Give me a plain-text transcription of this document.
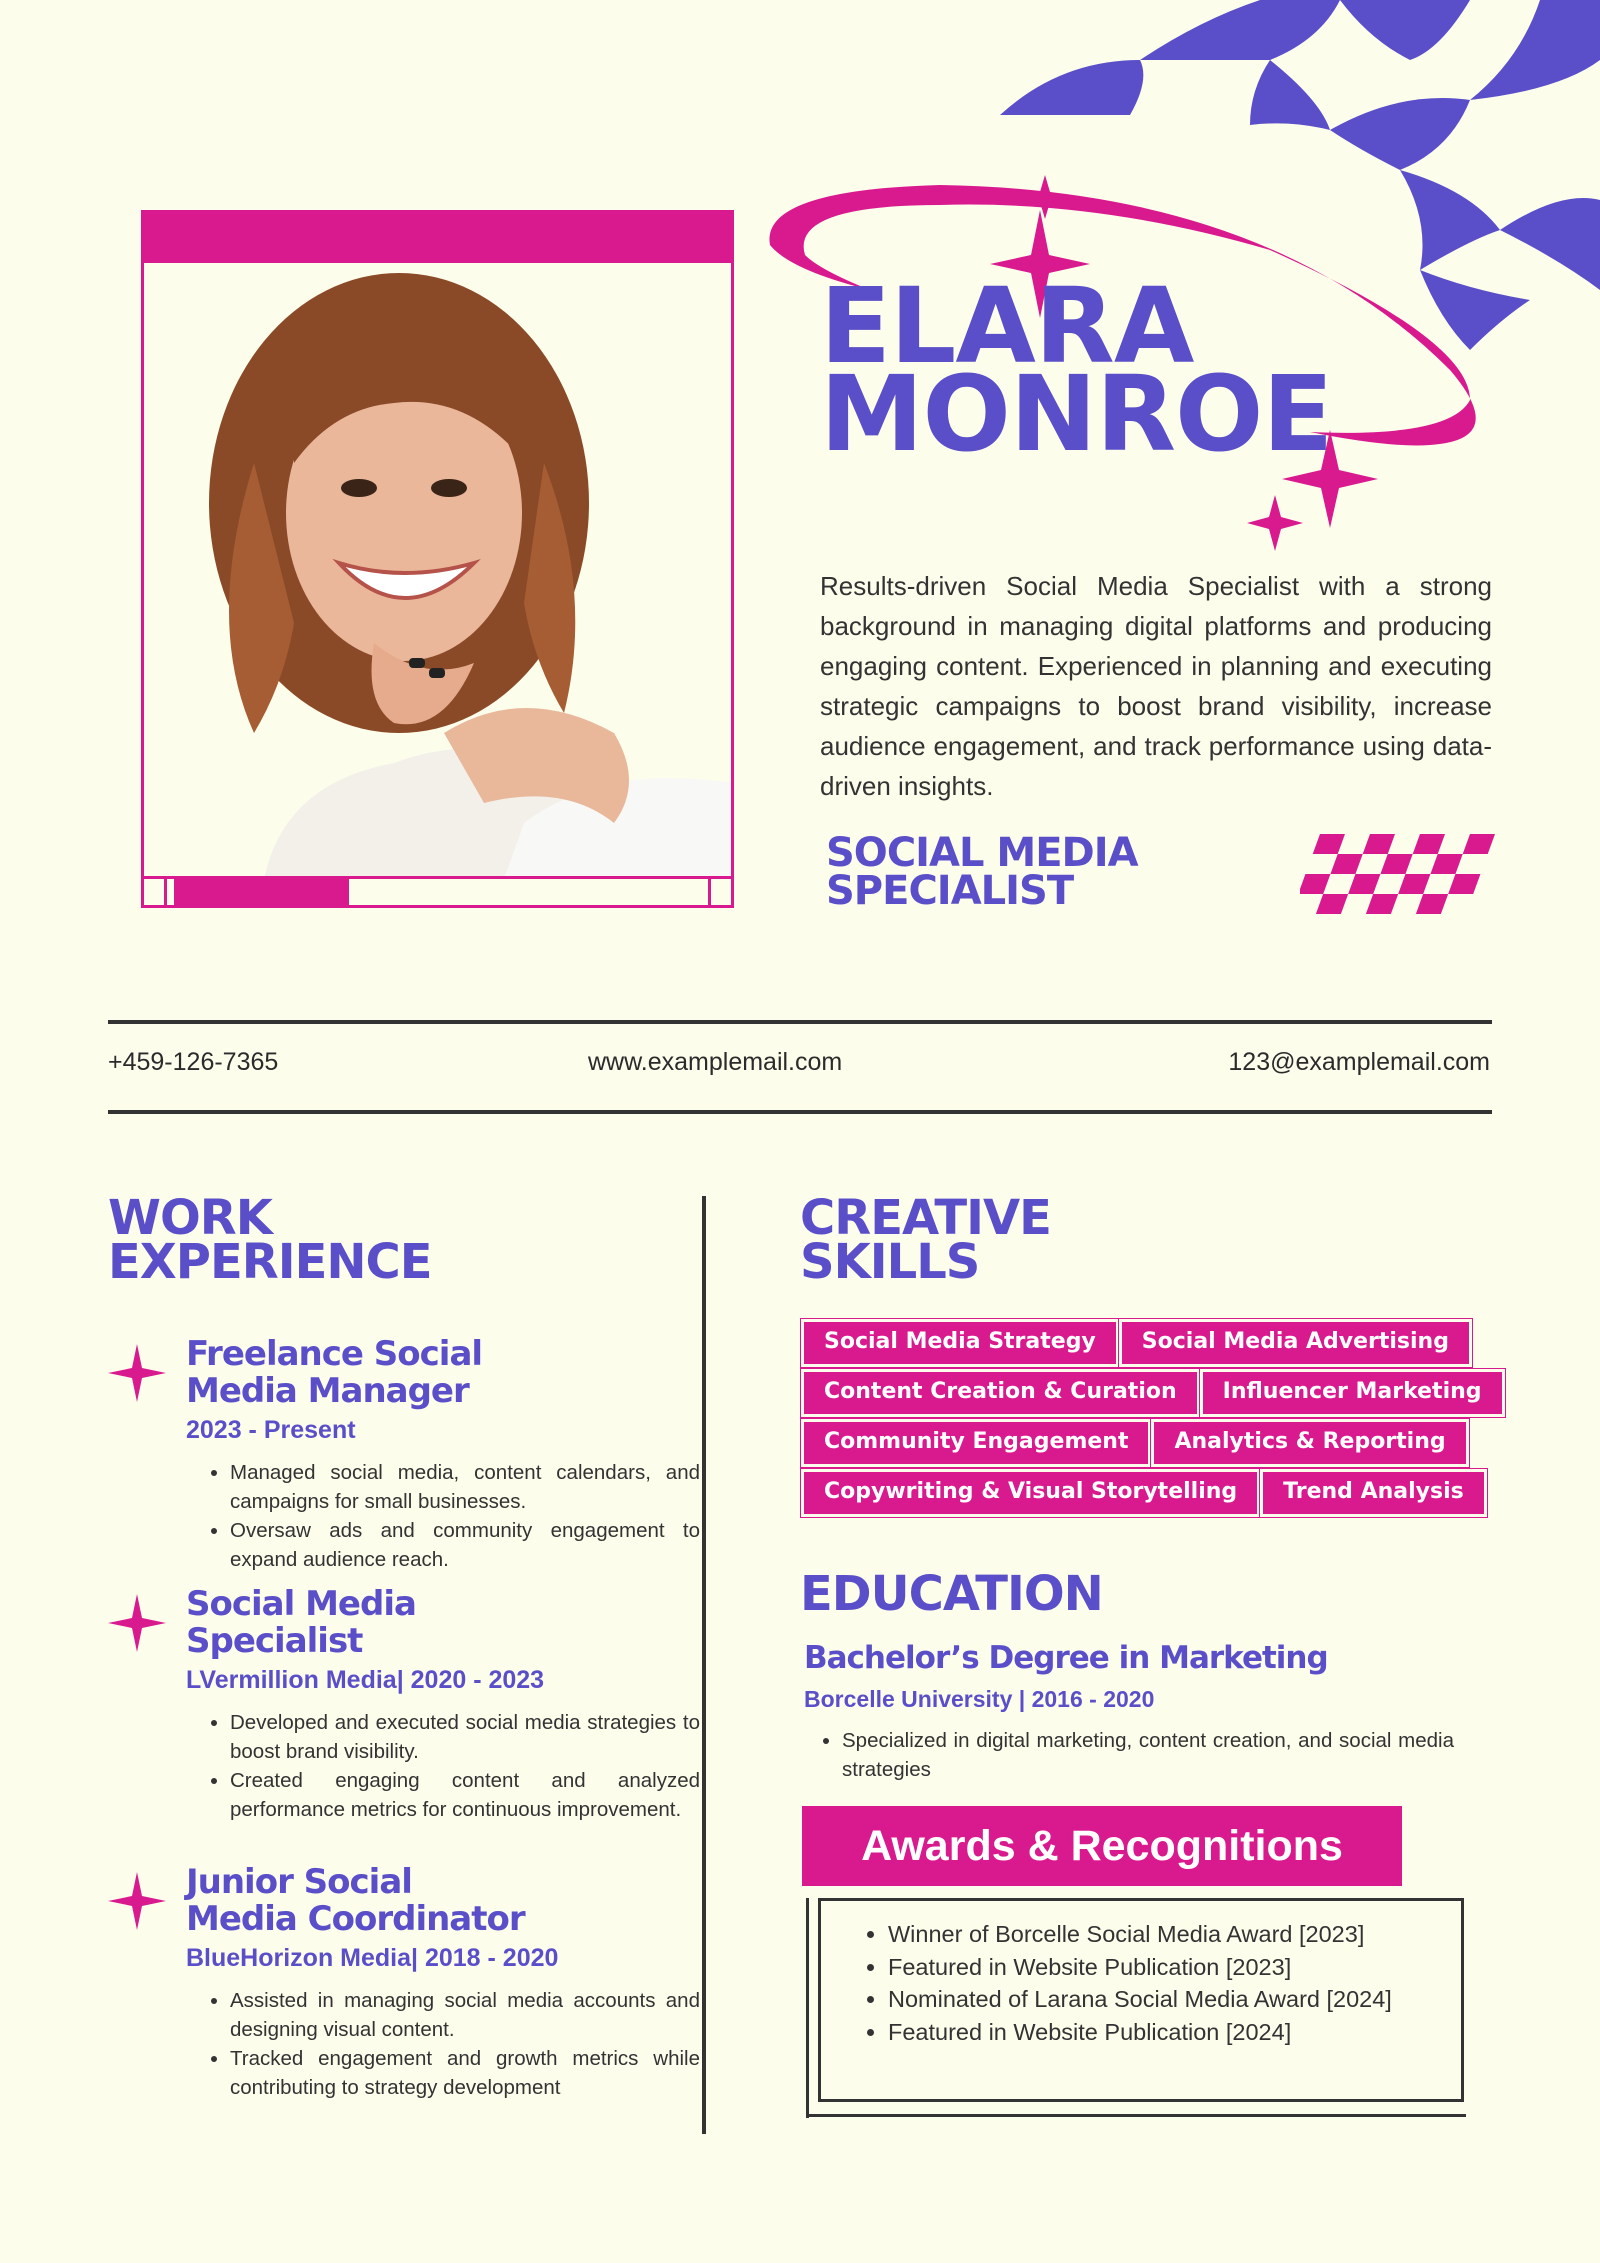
ELARA
MONROE
Results-driven Social Media Specialist with a strong background in managing digital platforms and producing engaging content. Experienced in planning and executing strategic campaigns to boost brand visibility, increase audience engagement, and track performance using data-driven insights.
SOCIAL MEDIA
SPECIALIST
+459-126-7365	www.examplemail.com	123@examplemail.com
WORK
EXPERIENCE
Freelance Social
Media Manager
2023 - Present
• Managed social media, content calendars, and campaigns for small businesses.
• Oversaw ads and community engagement to expand audience reach.
Social Media
Specialist
LVermillion Media| 2020 - 2023
• Developed and executed social media strategies to boost brand visibility.
• Created engaging content and analyzed performance metrics for continuous improvement.
Junior Social
Media Coordinator
BlueHorizon Media| 2018 - 2020
• Assisted in managing social media accounts and designing visual content.
• Tracked engagement and growth metrics while contributing to strategy development
CREATIVE
SKILLS
Social Media Strategy	Social Media Advertising
Content Creation & Curation	Influencer Marketing
Community Engagement	Analytics & Reporting
Copywriting & Visual Storytelling	Trend Analysis
EDUCATION
Bachelor’s Degree in Marketing
Borcelle University | 2016 - 2020
• Specialized in digital marketing, content creation, and social media strategies
Awards & Recognitions
• Winner of Borcelle Social Media Award [2023]
• Featured in Website Publication [2023]
• Nominated of Larana Social Media Award [2024]
• Featured in Website Publication [2024]
